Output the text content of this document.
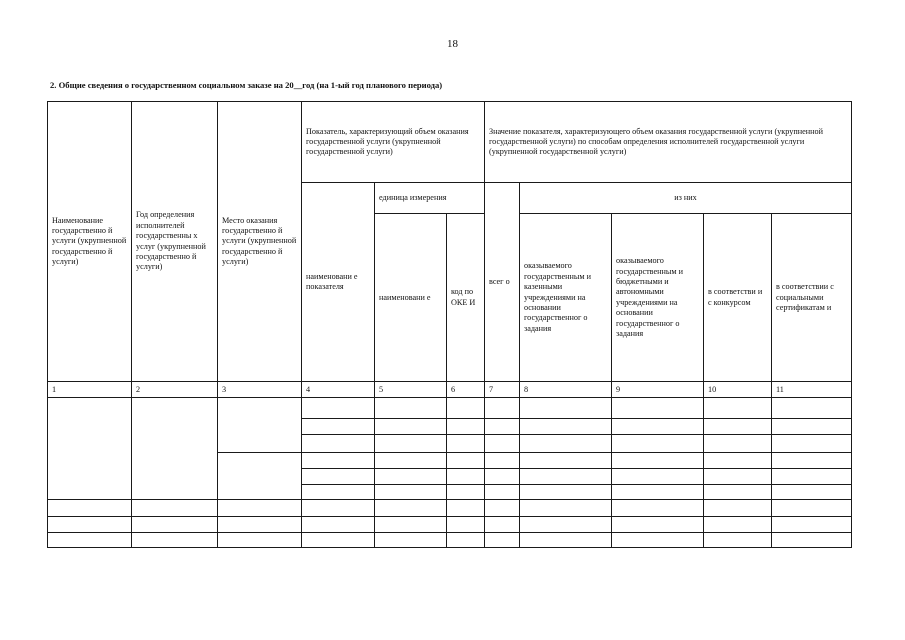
18
2. Общие сведения о государственном социальном заказе на 20__год (на 1-ый год планового периода)
Наименование государственно й услуги (укрупненной государственно й услуги)	Год определения исполнителей государственны х услуг (укрупненной государственно й услуги)	Место оказания государственно й услуги (укрупненной государственно й услуги)	Показатель, характеризующий объем оказания государственной услуги (укрупненной государственной услуги)			Значение показателя, характеризующего объем оказания государственной услуги (укрупненной государственной услуги) по способам определения исполнителей государственной услуги (укрупненной государственной услуги)				
			наименовани е показателя	единица измерения		всег о	из них			
				наименовани е	код по ОКЕ И		оказываемого государственным и казенными учреждениями на основании государственног о задания	оказываемого государственным и бюджетными и автономными учреждениями на основании государственног о задания	в соответстви и с конкурсом	в соответствии с социальными сертификатам и
1	2	3	4	5	6	7	8	9	10	11
